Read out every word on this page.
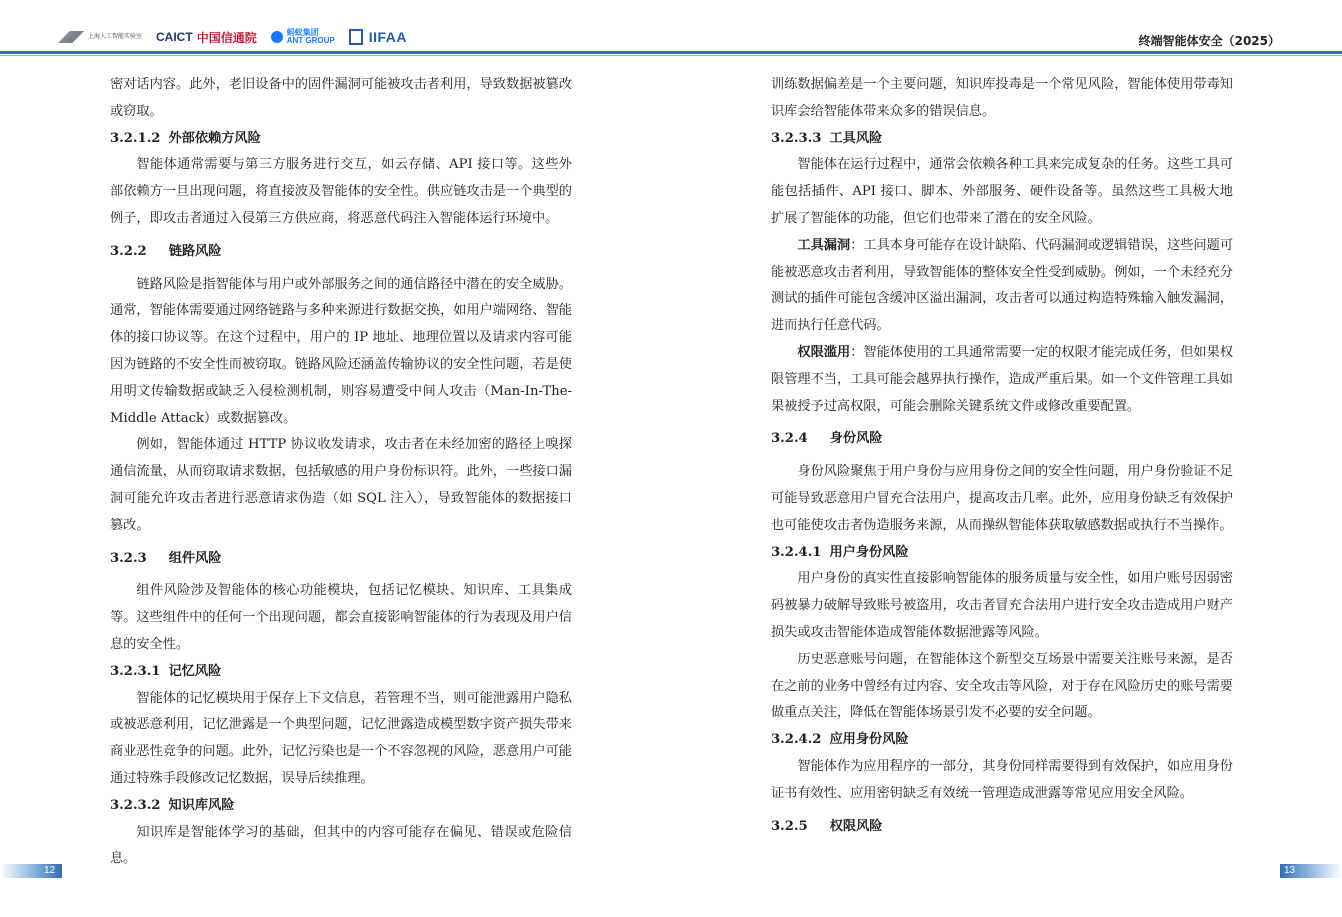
上海人工智能实验室 CAICT 中国信通院	蚂蚁集团
ANT GROUP IIFAA	终端智能体安全（2025）

密对话内容。此外，老旧设备中的固件漏洞可能被攻击者利用，导致数据被篡改或窃取。

3.2.1.2 外部依赖方风险

智能体通常需要与第三方服务进行交互，如云存储、API 接口等。这些外部依赖方一旦出现问题，将直接波及智能体的安全性。供应链攻击是一个典型的例子，即攻击者通过入侵第三方供应商，将恶意代码注入智能体运行环境中。

3.2.2 链路风险

链路风险是指智能体与用户或外部服务之间的通信路径中潜在的安全威胁。通常，智能体需要通过网络链路与多种来源进行数据交换，如用户端网络、智能体的接口协议等。在这个过程中，用户的 IP 地址、地理位置以及请求内容可能因为链路的不安全性而被窃取。链路风险还涵盖传输协议的安全性问题，若是使用明文传输数据或缺乏入侵检测机制，则容易遭受中间人攻击（Man-In-The-Middle Attack）或数据篡改。

例如，智能体通过 HTTP 协议收发请求，攻击者在未经加密的路径上嗅探通信流量，从而窃取请求数据，包括敏感的用户身份标识符。此外，一些接口漏洞可能允许攻击者进行恶意请求伪造（如 SQL 注入），导致智能体的数据接口篡改。

3.2.3 组件风险

组件风险涉及智能体的核心功能模块，包括记忆模块、知识库、工具集成等。这些组件中的任何一个出现问题，都会直接影响智能体的行为表现及用户信息的安全性。

3.2.3.1 记忆风险

智能体的记忆模块用于保存上下文信息，若管理不当，则可能泄露用户隐私或被恶意利用，记忆泄露是一个典型问题，记忆泄露造成模型数字资产损失带来商业恶性竞争的问题。此外，记忆污染也是一个不容忽视的风险，恶意用户可能通过特殊手段修改记忆数据，误导后续推理。

3.2.3.2 知识库风险

知识库是智能体学习的基础，但其中的内容可能存在偏见、错误或危险信息。

训练数据偏差是一个主要问题，知识库投毒是一个常见风险，智能体使用带毒知识库会给智能体带来众多的错误信息。

3.2.3.3 工具风险

智能体在运行过程中，通常会依赖各种工具来完成复杂的任务。这些工具可能包括插件、API 接口、脚本、外部服务、硬件设备等。虽然这些工具极大地扩展了智能体的功能，但它们也带来了潜在的安全风险。

工具漏洞：工具本身可能存在设计缺陷、代码漏洞或逻辑错误，这些问题可能被恶意攻击者利用，导致智能体的整体安全性受到威胁。例如，一个未经充分测试的插件可能包含缓冲区溢出漏洞，攻击者可以通过构造特殊输入触发漏洞，进而执行任意代码。

权限滥用：智能体使用的工具通常需要一定的权限才能完成任务，但如果权限管理不当，工具可能会越界执行操作，造成严重后果。如一个文件管理工具如果被授予过高权限，可能会删除关键系统文件或修改重要配置。

3.2.4 身份风险

身份风险聚焦于用户身份与应用身份之间的安全性问题，用户身份验证不足可能导致恶意用户冒充合法用户，提高攻击几率。此外，应用身份缺乏有效保护也可能使攻击者伪造服务来源，从而操纵智能体获取敏感数据或执行不当操作。

3.2.4.1 用户身份风险

用户身份的真实性直接影响智能体的服务质量与安全性，如用户账号因弱密码被暴力破解导致账号被盗用，攻击者冒充合法用户进行安全攻击造成用户财产损失或攻击智能体造成智能体数据泄露等风险。

历史恶意账号问题，在智能体这个新型交互场景中需要关注账号来源，是否在之前的业务中曾经有过内容、安全攻击等风险，对于存在风险历史的账号需要做重点关注，降低在智能体场景引发不必要的安全问题。

3.2.4.2 应用身份风险

智能体作为应用程序的一部分，其身份同样需要得到有效保护，如应用身份证书有效性、应用密钥缺乏有效统一管理造成泄露等常见应用安全风险。

3.2.5 权限风险

12	13
